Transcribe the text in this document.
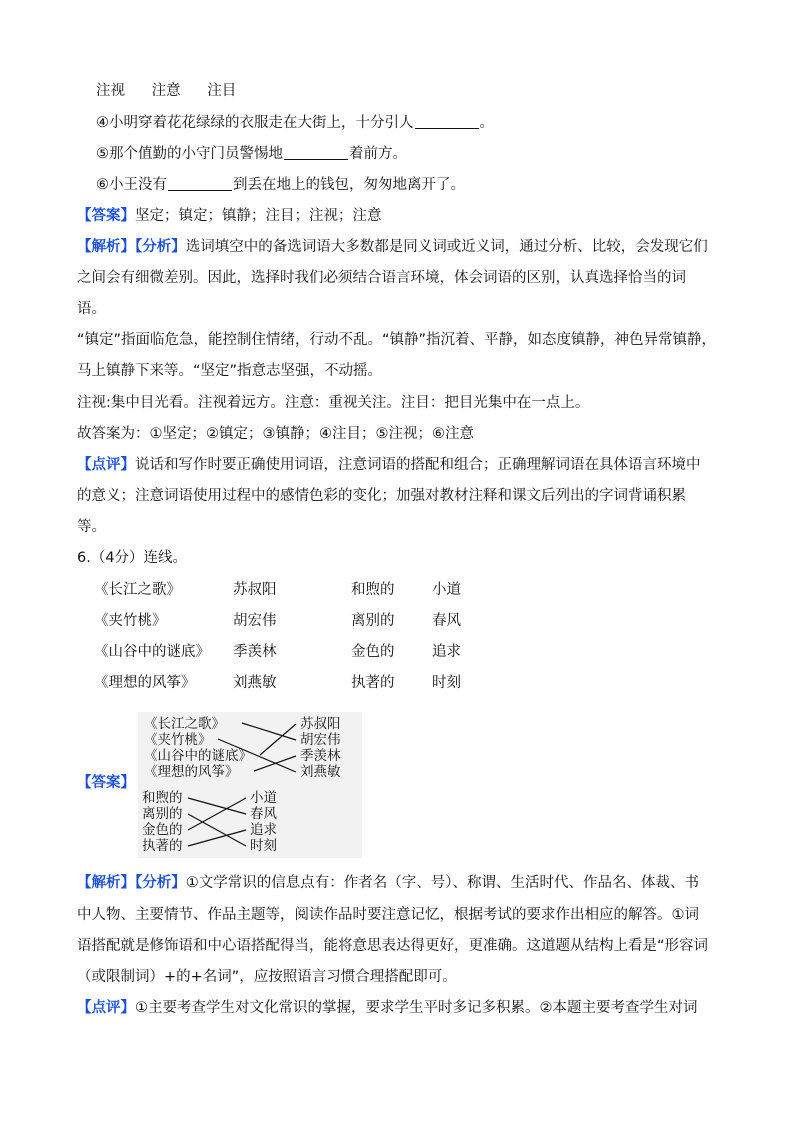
注视 注意 注目
④小明穿着花花绿绿的衣服走在大街上，十分引人	。
⑤那个值勤的小守门员警惕地	着前方。
⑥小王没有	到丢在地上的钱包，匆匆地离开了。
【答案】坚定；镇定；镇静；注目；注视；注意
【解析】【分析】选词填空中的备选词语大多数都是同义词或近义词，通过分析、比较，会发现它们
之间会有细微差别。因此，选择时我们必须结合语言环境，体会词语的区别，认真选择恰当的词
语。
“镇定”指面临危急，能控制住情绪，行动不乱。“镇静”指沉着、平静，如态度镇静，神色异常镇静，
马上镇静下来等。“坚定”指意志坚强，不动摇。
注视:集中目光看。注视着远方。注意：重视关注。注目：把目光集中在一点上。
故答案为：①坚定；②镇定；③镇静；④注目；⑤注视；⑥注意
【点评】说话和写作时要正确使用词语，注意词语的搭配和组合；正确理解词语在具体语言环境中
的意义；注意词语使用过程中的感情色彩的变化；加强对教材注释和课文后列出的字词背诵积累
等。
6.（4分）连线。
《长江之歌》	苏叔阳	和煦的	小道
《夹竹桃》	胡宏伟	离别的	春风
《山谷中的谜底》 季羡林	金色的	追求
《理想的风筝》	刘燕敏	执著的	时刻
【答案】
《长江之歌》
《夹竹桃》
《山谷中的谜底》
《理想的风筝》
苏叔阳
胡宏伟
季羡林
刘燕敏
和煦的
离别的
金色的
执著的
小道
春风
追求
时刻
【解析】【分析】①文学常识的信息点有：作者名（字、号）、称谓、生活时代、作品名、体裁、书
中人物、主要情节、作品主题等，阅读作品时要注意记忆，根据考试的要求作出相应的解答。①词
语搭配就是修饰语和中心语搭配得当，能将意思表达得更好，更准确。这道题从结构上看是“形容词
（或限制词）+的+名词”，应按照语言习惯合理搭配即可。
【点评】①主要考查学生对文化常识的掌握，要求学生平时多记多积累。②本题主要考查学生对词
